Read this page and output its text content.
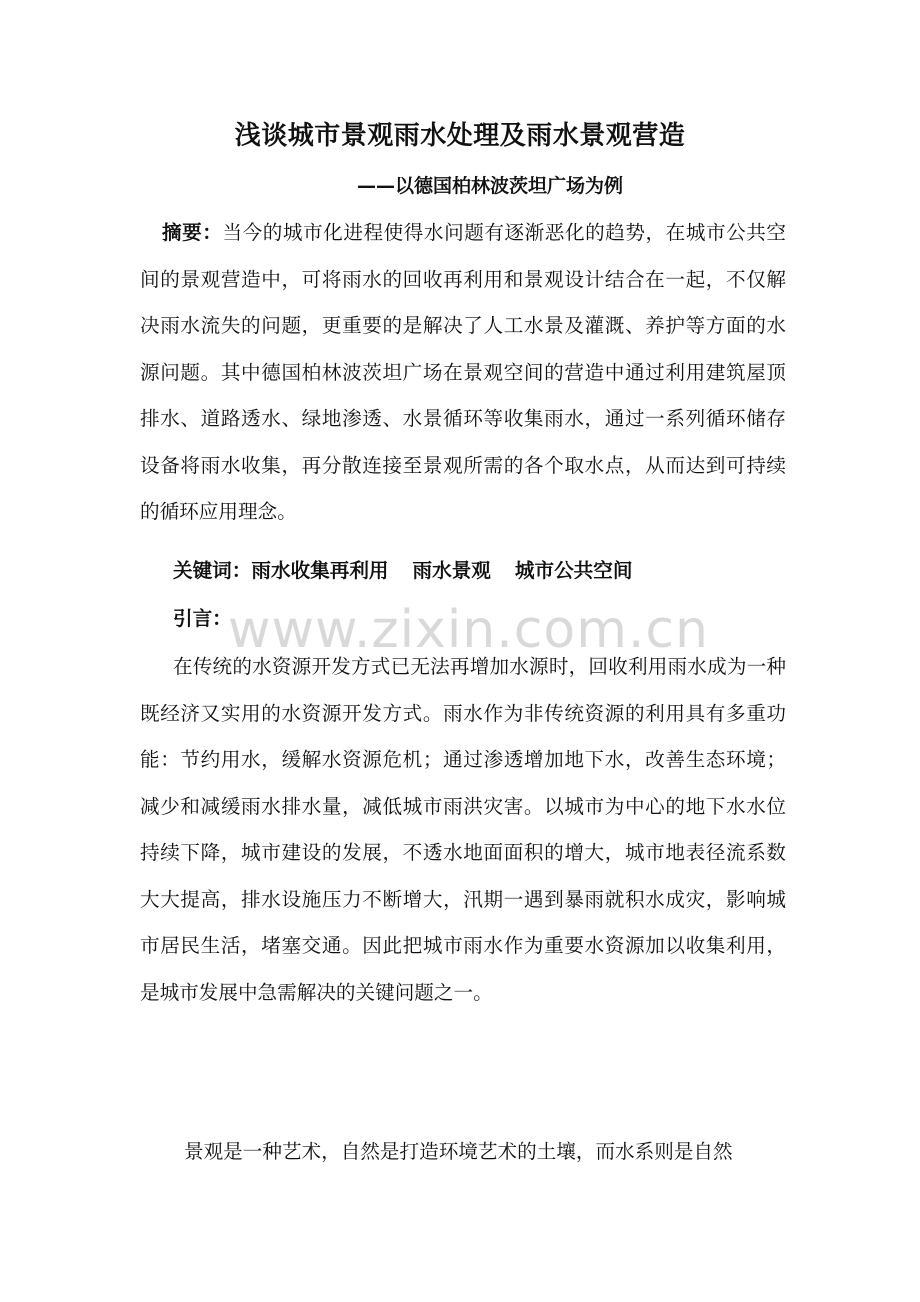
www.zixin.com.cn
浅谈城市景观雨水处理及雨水景观营造
——以德国柏林波茨坦广场为例

摘要：当今的城市化进程使得水问题有逐渐恶化的趋势，在城市公共空间的景观营造中，可将雨水的回收再利用和景观设计结合在一起，不仅解决雨水流失的问题，更重要的是解决了人工水景及灌溉、养护等方面的水源问题。其中德国柏林波茨坦广场在景观空间的营造中通过利用建筑屋顶排水、道路透水、绿地渗透、水景循环等收集雨水，通过一系列循环储存设备将雨水收集，再分散连接至景观所需的各个取水点，从而达到可持续的循环应用理念。

关键词：雨水收集再利用 雨水景观 城市公共空间

引言：

在传统的水资源开发方式已无法再增加水源时，回收利用雨水成为一种既经济又实用的水资源开发方式。雨水作为非传统资源的利用具有多重功能：节约用水，缓解水资源危机；通过渗透增加地下水，改善生态环境；减少和减缓雨水排水量，减低城市雨洪灾害。以城市为中心的地下水水位持续下降，城市建设的发展，不透水地面面积的增大，城市地表径流系数大大提高，排水设施压力不断增大，汛期一遇到暴雨就积水成灾，影响城市居民生活，堵塞交通。因此把城市雨水作为重要水资源加以收集利用，是城市发展中急需解决的关键问题之一。

景观是一种艺术，自然是打造环境艺术的土壤，而水系则是自然
